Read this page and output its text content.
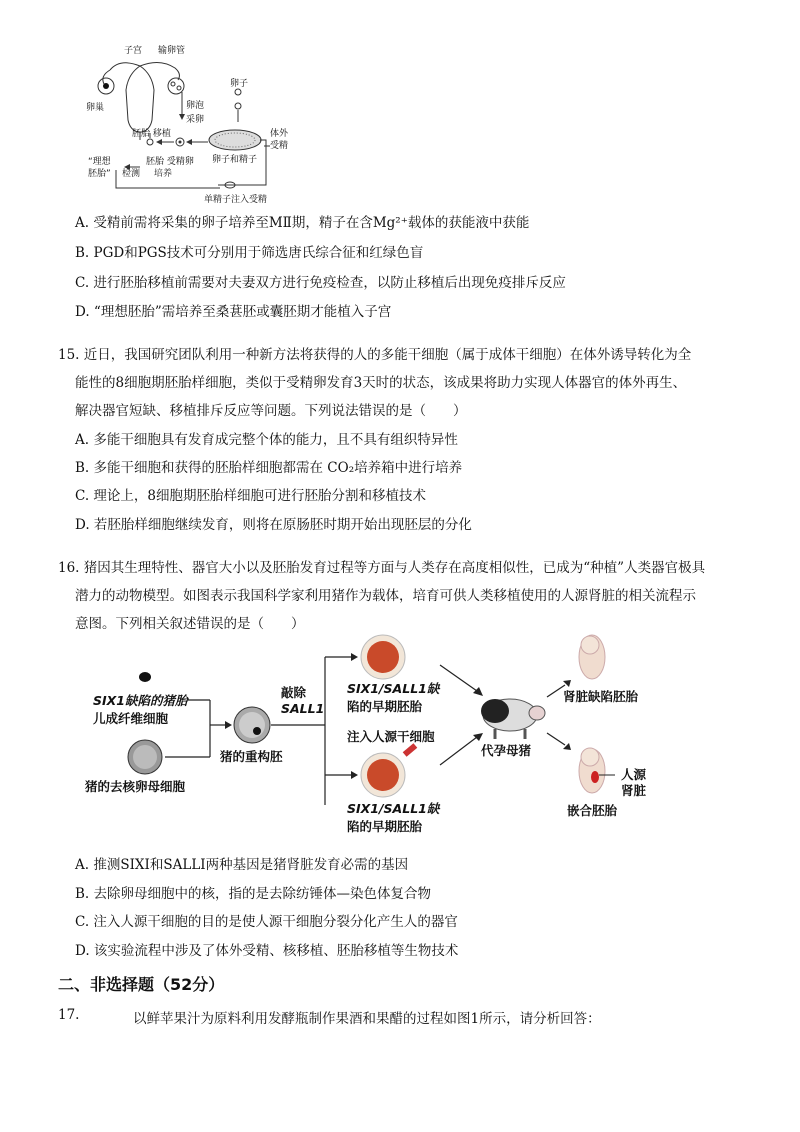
子宫 输卵管
卵巢	卵泡
采卵
卵子
体外
受精
胚胎 移植
卵子和精子
“理想
胚胎” 检测
胚胎 受精卵
培养
单精子注入受精
A. 受精前需将采集的卵子培养至MⅡ期，精子在含Mg²⁺载体的获能液中获能
B. PGD和PGS技术可分别用于筛选唐氏综合征和红绿色盲
C. 进行胚胎移植前需要对夫妻双方进行免疫检查，以防止移植后出现免疫排斥反应
D. “理想胚胎”需培养至桑葚胚或囊胚期才能植入子宫
15. 近日，我国研究团队利用一种新方法将获得的人的多能干细胞（属于成体干细胞）在体外诱导转化为全
能性的8细胞期胚胎样细胞，类似于受精卵发育3天时的状态，该成果将助力实现人体器官的体外再生、
解决器官短缺、移植排斥反应等问题。下列说法错误的是（　　）
A. 多能干细胞具有发育成完整个体的能力，且不具有组织特异性
B. 多能干细胞和获得的胚胎样细胞都需在 CO₂培养箱中进行培养
C. 理论上，8细胞期胚胎样细胞可进行胚胎分割和移植技术
D. 若胚胎样细胞继续发育，则将在原肠胚时期开始出现胚层的分化
16. 猪因其生理特性、器官大小以及胚胎发育过程等方面与人类存在高度相似性，已成为“种植”人类器官极具
潜力的动物模型。如图表示我国科学家利用猪作为载体，培育可供人类移植使用的人源肾脏的相关流程示
意图。下列相关叙述错误的是（　　）
SIX1缺陷的猪胎
儿成纤维细胞
猪的去核卵母细胞
猪的重构胚
敲除
SALL1
SIX1/SALL1缺
陷的早期胚胎
注入人源干细胞
SIX1/SALL1缺
陷的早期胚胎
代孕母猪
肾脏缺陷胚胎
人源
肾脏
嵌合胚胎
A. 推测SIXI和SALLI两种基因是猪肾脏发育必需的基因
B. 去除卵母细胞中的核，指的是去除纺锤体—染色体复合物
C. 注入人源干细胞的目的是使人源干细胞分裂分化产生人的器官
D. 该实验流程中涉及了体外受精、核移植、胚胎移植等生物技术
二、非选择题（52分）
17.	以鲜苹果汁为原料利用发酵瓶制作果酒和果醋的过程如图1所示，请分析回答：
